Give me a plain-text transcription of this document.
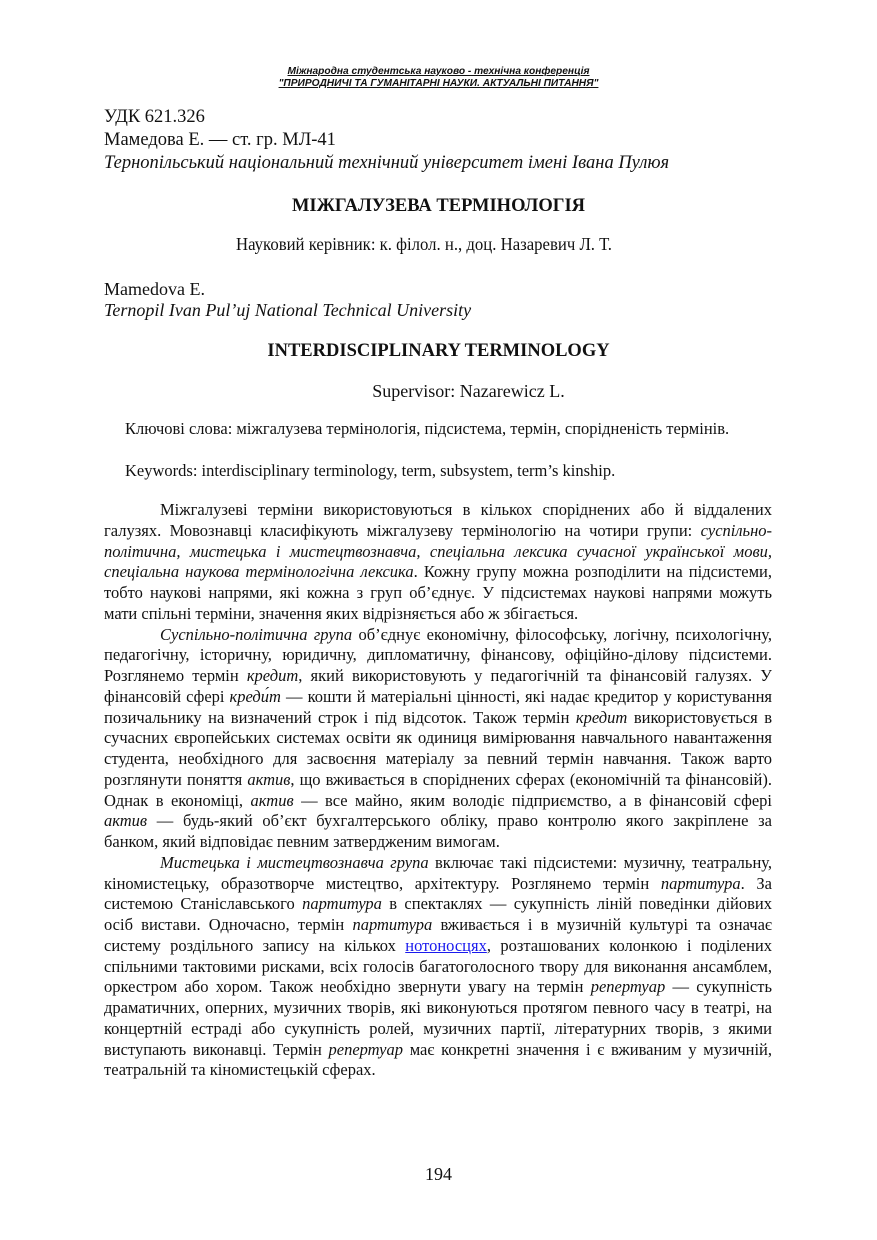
Міжнародна студентська науково - технічна конференція
"ПРИРОДНИЧІ ТА ГУМАНІТАРНІ НАУКИ. АКТУАЛЬНІ ПИТАННЯ"
УДК 621.326
Мамедова Е. — ст. гр. МЛ-41
Тернопільський національний технічний університет імені Івана Пулюя
МІЖГАЛУЗЕВА ТЕРМІНОЛОГІЯ
Науковий керівник: к. філол. н., доц. Назаревич Л. Т.
Mamedova E.
Ternopil Ivan Pul’uj National Technical University
INTERDISCIPLINARY TERMINOLOGY
Supervisor: Nazarewicz L.
Ключові слова: міжгалузева термінологія, підсистема, термін, спорідненість термінів.
Keywords: interdisciplinary terminology, term, subsystem, term’s kinship.

Міжгалузеві терміни використовуються в кількох споріднених або й віддалених галузях. Мовознавці класифікують міжгалузеву термінологію на чотири групи: суспільно-політична, мистецька і мистецтвознавча, спеціальна лексика сучасної української мови, спеціальна наукова термінологічна лексика. Кожну групу можна розподілити на підсистеми, тобто наукові напрями, які кожна з груп об’єднує. У підсистемах наукові напрями можуть мати спільні терміни, значення яких відрізняється або ж збігається.

Суспільно-політична група об’єднує економічну, філософську, логічну, психологічну, педагогічну, історичну, юридичну, дипломатичну, фінансову, офіційно-ділову підсистеми. Розглянемо термін кредит, який використовують у педагогічній та фінансовій галузях. У фінансовій сфері креди́т — кошти й матеріальні цінності, які надає кредитор у користування позичальнику на визначений строк і під відсоток. Також термін кредит використовується в сучасних європейських системах освіти як одиниця вимірювання навчального навантаження студента, необхідного для засвоєння матеріалу за певний термін навчання. Також варто розглянути поняття актив, що вживається в споріднених сферах (економічній та фінансовій). Однак в економіці, актив — все майно, яким володіє підприємство, а в фінансовій сфері актив — будь-який об’єкт бухгалтерського обліку, право контролю якого закріплене за банком, який відповідає певним затвердженим вимогам.

Мистецька і мистецтвознавча група включає такі підсистеми: музичну, театральну, кіномистецьку, образотворче мистецтво, архітектуру. Розглянемо термін партитура. За системою Станіславського партитура в спектаклях — сукупність ліній поведінки дійових осіб вистави. Одночасно, термін партитура вживається і в музичній культурі та означає систему роздільного запису на кількох нотоносцях, розташованих колонкою і поділених спільними тактовими рисками, всіх голосів багатоголосного твору для виконання ансамблем, оркестром або хором. Також необхідно звернути увагу на термін репертуар — сукупність драматичних, оперних, музичних творів, які виконуються протягом певного часу в театрі, на концертній естраді або сукупність ролей, музичних партії, літературних творів, з якими виступають виконавці. Термін репертуар має конкретні значення і є вживаним у музичній, театральній та кіномистецькій сферах.

194
